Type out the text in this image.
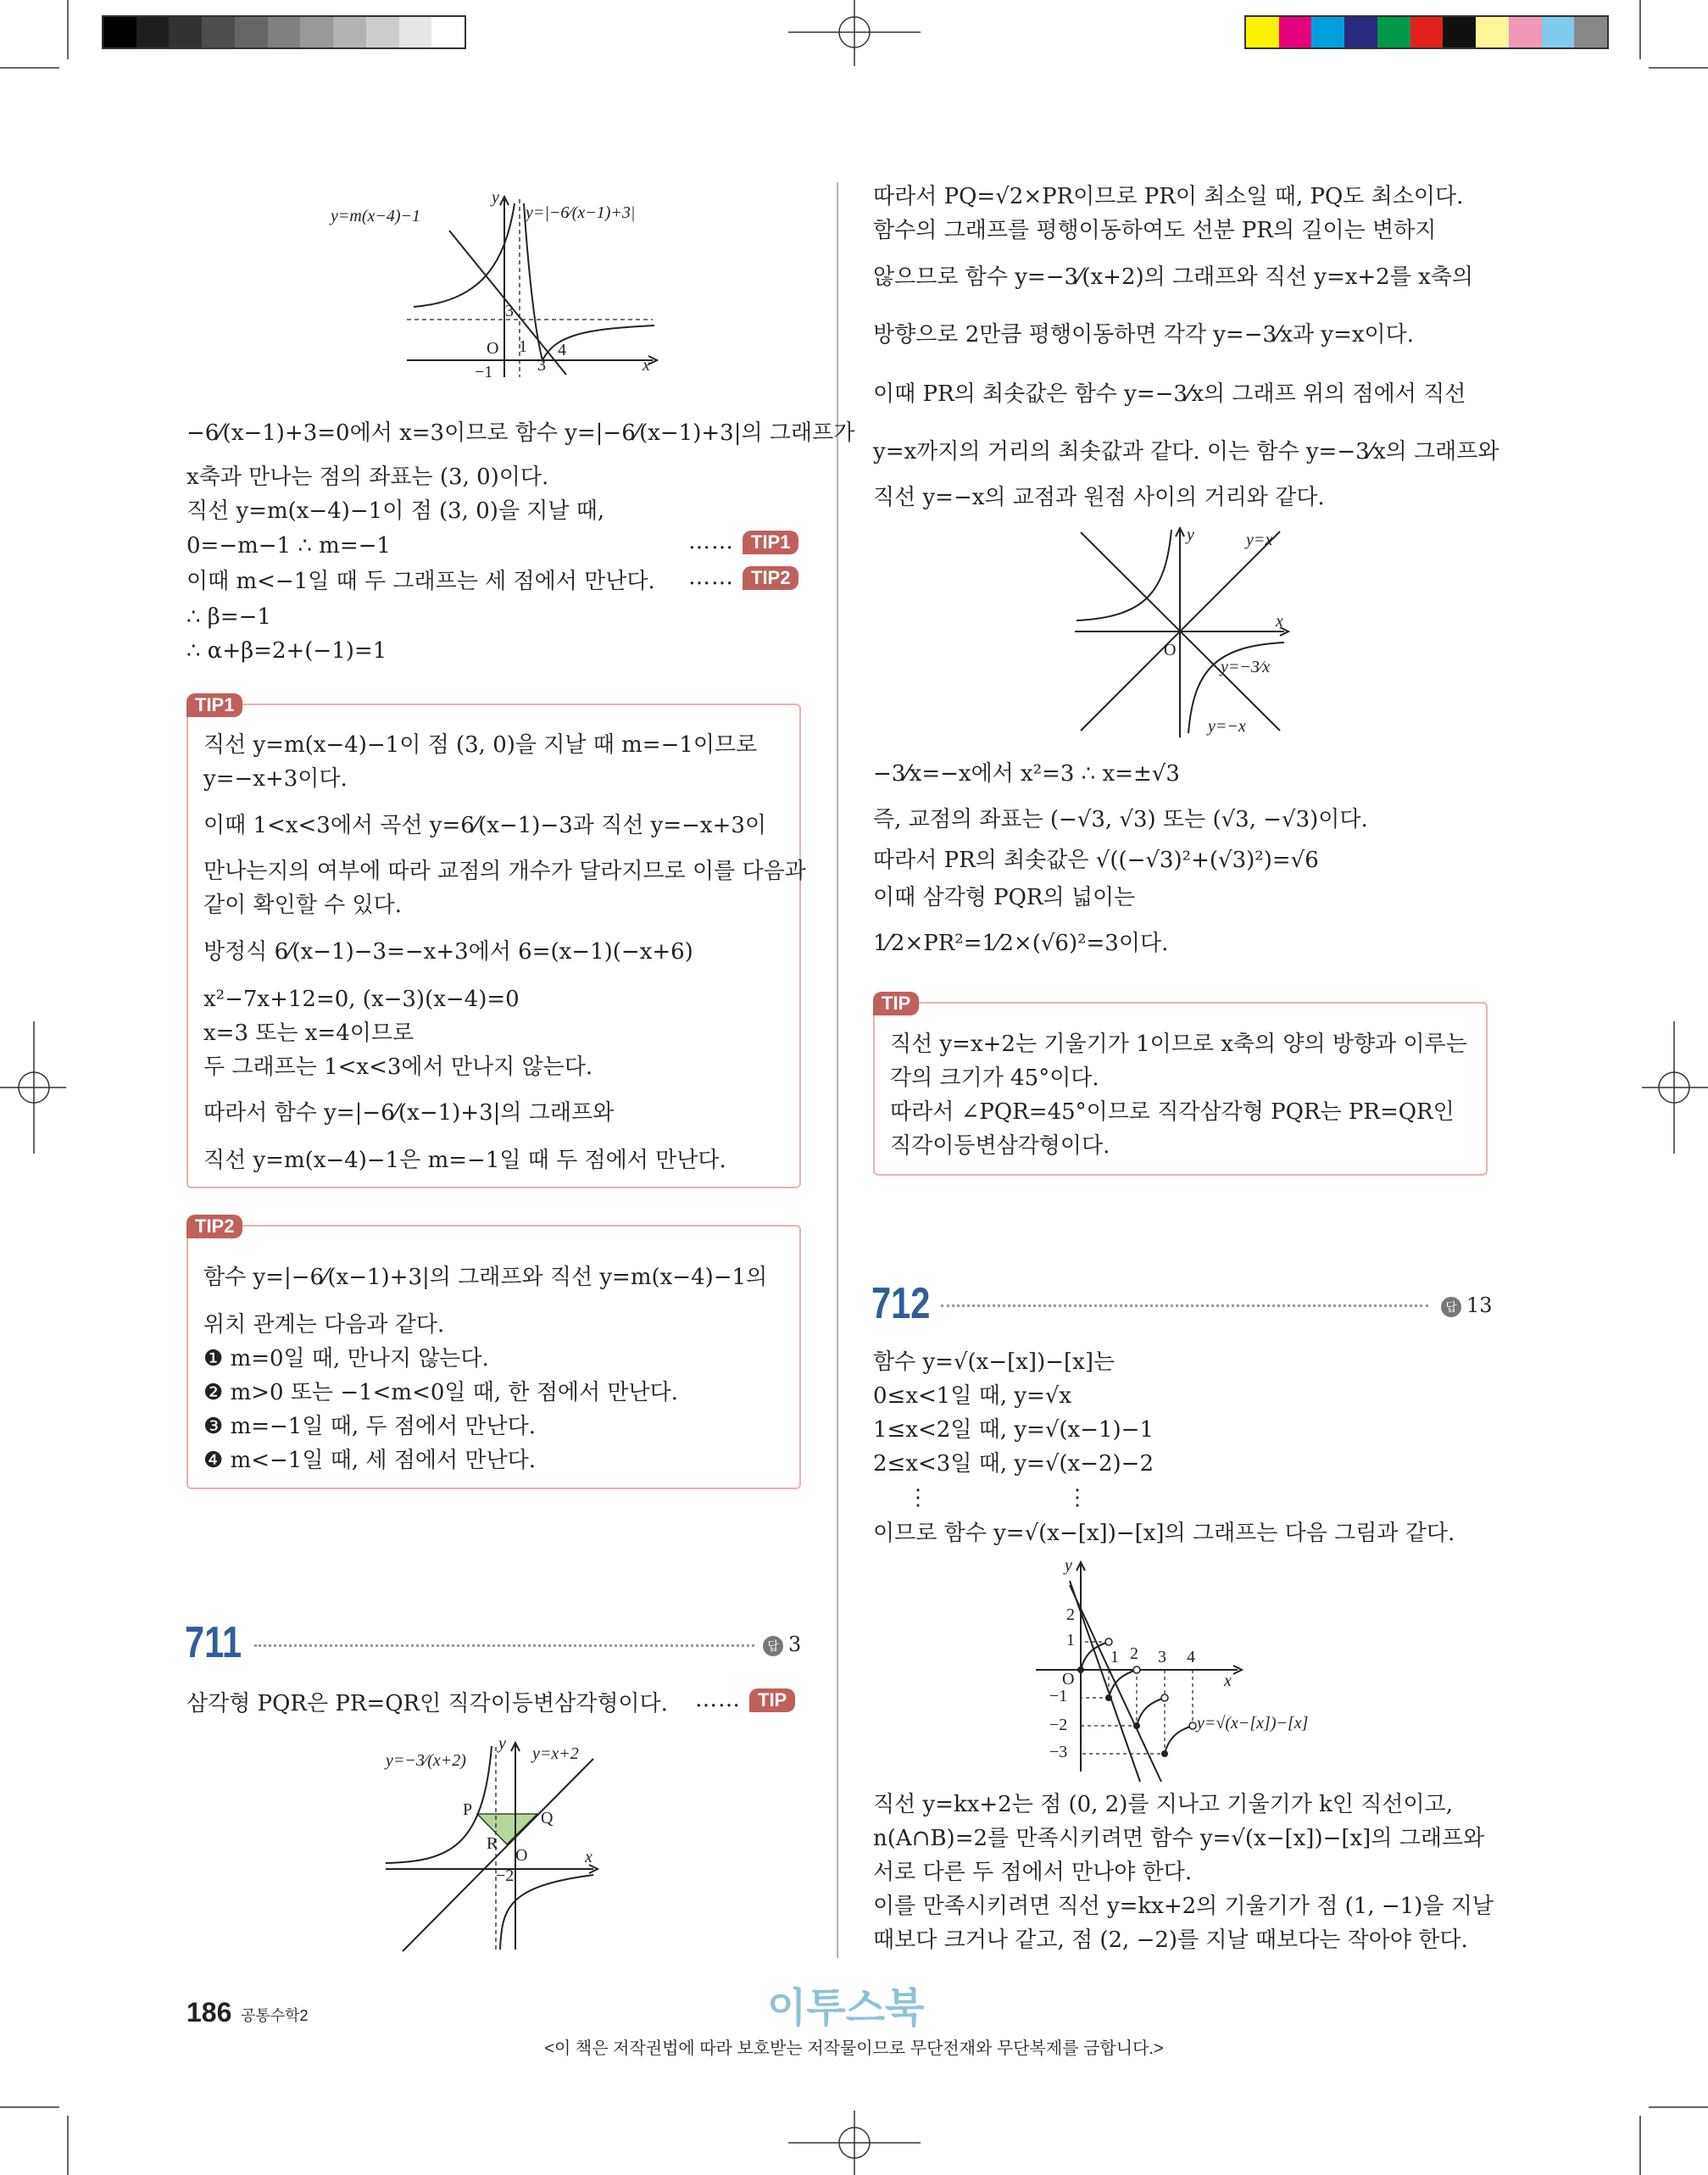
y=m(x−4)−1	y=|−6⁄(x−1)+3|
y
x
O 1
3
4
−1
3
−6⁄(x−1)+3=0에서 x=3이므로 함수 y=|−6⁄(x−1)+3|의 그래프가
x축과 만나는 점의 좌표는 (3, 0)이다.
직선 y=m(x−4)−1이 점 (3, 0)을 지날 때,
0=−m−1 ∴ m=−1	…… TIP1
이때 m<−1일 때 두 그래프는 세 점에서 만난다. …… TIP2
∴ β=−1
∴ α+β=2+(−1)=1
TIP1
직선 y=m(x−4)−1이 점 (3, 0)을 지날 때 m=−1이므로
y=−x+3이다.
이때 1<x<3에서 곡선 y=6⁄(x−1)−3과 직선 y=−x+3이
만나는지의 여부에 따라 교점의 개수가 달라지므로 이를 다음과
같이 확인할 수 있다.
방정식 6⁄(x−1)−3=−x+3에서 6=(x−1)(−x+6)
x²−7x+12=0, (x−3)(x−4)=0
x=3 또는 x=4이므로
두 그래프는 1<x<3에서 만나지 않는다.
따라서 함수 y=|−6⁄(x−1)+3|의 그래프와
직선 y=m(x−4)−1은 m=−1일 때 두 점에서 만난다.
TIP2
함수 y=|−6⁄(x−1)+3|의 그래프와 직선 y=m(x−4)−1의
위치 관계는 다음과 같다.
❶ m=0일 때, 만나지 않는다.
❷ m>0 또는 −1<m<0일 때, 한 점에서 만난다.
❸ m=−1일 때, 두 점에서 만난다.
❹ m<−1일 때, 세 점에서 만난다.
711	답 3
삼각형 PQR은 PR=QR인 직각이등변삼각형이다. …… TIP
y=−3⁄(x+2)	y=x+2
y
x
P	Q
R
O
−2
따라서 PQ=√2×PR이므로 PR이 최소일 때, PQ도 최소이다.
함수의 그래프를 평행이동하여도 선분 PR의 길이는 변하지
않으므로 함수 y=−3⁄(x+2)의 그래프와 직선 y=x+2를 x축의
방향으로 2만큼 평행이동하면 각각 y=−3⁄x과 y=x이다.
이때 PR의 최솟값은 함수 y=−3⁄x의 그래프 위의 점에서 직선
y=x까지의 거리의 최솟값과 같다. 이는 함수 y=−3⁄x의 그래프와
직선 y=−x의 교점과 원점 사이의 거리와 같다.
y	y=x
x
O
y=−3⁄x
y=−x
−3⁄x=−x에서 x²=3 ∴ x=±√3
즉, 교점의 좌표는 (−√3, √3) 또는 (√3, −√3)이다.
따라서 PR의 최솟값은 √((−√3)²+(√3)²)=√6
이때 삼각형 PQR의 넓이는
1⁄2×PR²=1⁄2×(√6)²=3이다.
TIP
직선 y=x+2는 기울기가 1이므로 x축의 양의 방향과 이루는
각의 크기가 45°이다.
따라서 ∠PQR=45°이므로 직각삼각형 PQR는 PR=QR인
직각이등변삼각형이다.
712	답 13
함수 y=√(x−[x])−[x]는
0≤x<1일 때, y=√x
1≤x<2일 때, y=√(x−1)−1
2≤x<3일 때, y=√(x−2)−2
⋮	⋮
이므로 함수 y=√(x−[x])−[x]의 그래프는 다음 그림과 같다.
y
x
O
1 2 3 4
1
2
−1
−2
−3
y=√(x−[x])−[x]
직선 y=kx+2는 점 (0, 2)를 지나고 기울기가 k인 직선이고,
n(A∩B)=2를 만족시키려면 함수 y=√(x−[x])−[x]의 그래프와
서로 다른 두 점에서 만나야 한다.
이를 만족시키려면 직선 y=kx+2의 기울기가 점 (1, −1)을 지날
때보다 크거나 같고, 점 (2, −2)를 지날 때보다는 작아야 한다.
186 공통수학2	이투스북
<이 책은 저작권법에 따라 보호받는 저작물이므로 무단전재와 무단복제를 금합니다.>
